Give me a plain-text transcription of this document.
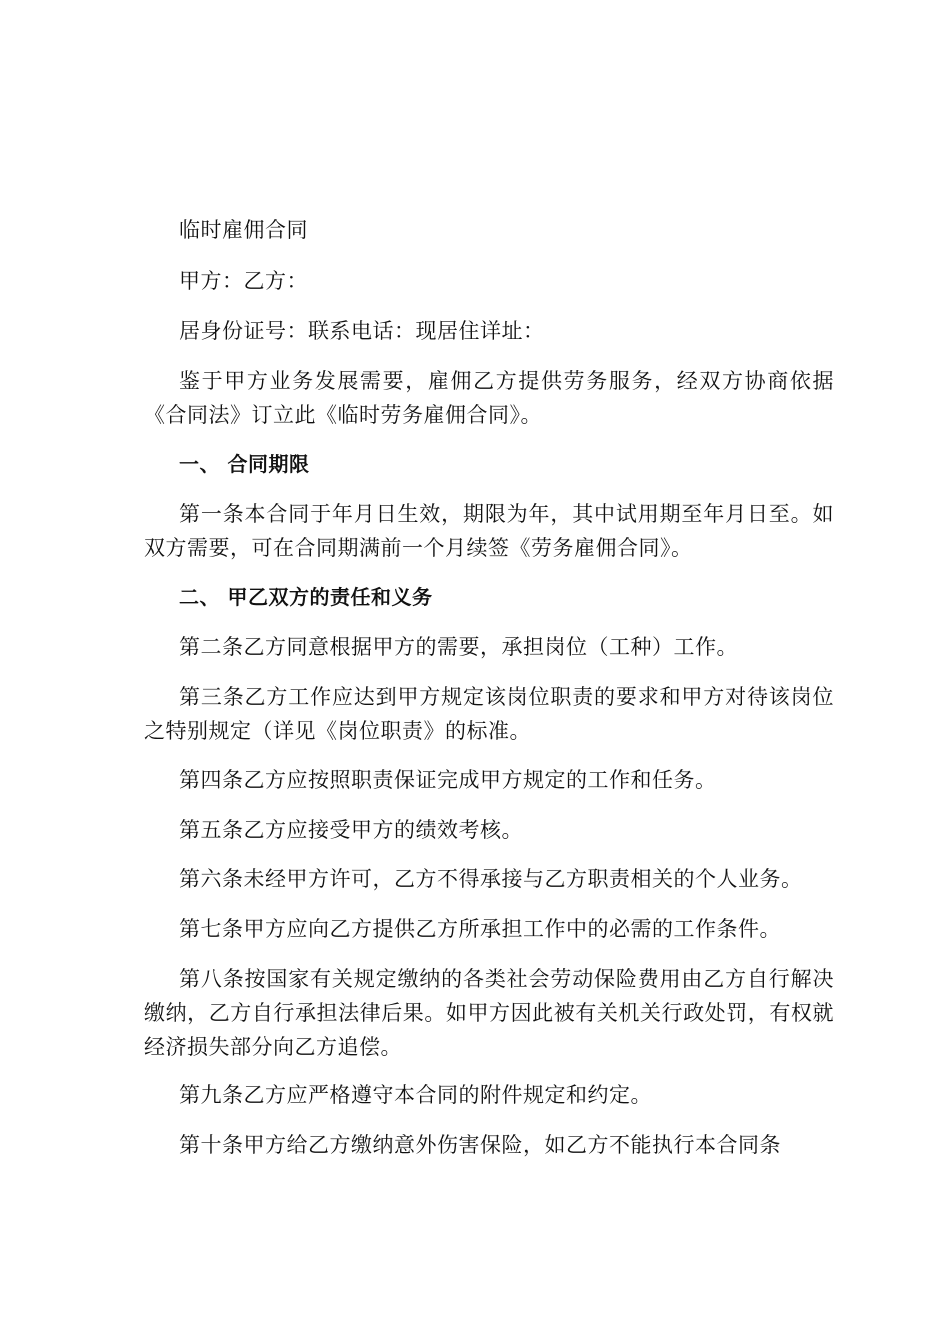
临时雇佣合同

甲方：乙方：

居身份证号：联系电话：现居住详址：

鉴于甲方业务发展需要，雇佣乙方提供劳务服务，经双方协商依据《合同法》订立此《临时劳务雇佣合同》。

一、 合同期限

第一条本合同于年月日生效，期限为年，其中试用期至年月日至。如双方需要，可在合同期满前一个月续签《劳务雇佣合同》。

二、 甲乙双方的责任和义务

第二条乙方同意根据甲方的需要，承担岗位（工种）工作。

第三条乙方工作应达到甲方规定该岗位职责的要求和甲方对待该岗位之特别规定（详见《岗位职责》的标准。

第四条乙方应按照职责保证完成甲方规定的工作和任务。

第五条乙方应接受甲方的绩效考核。

第六条未经甲方许可，乙方不得承接与乙方职责相关的个人业务。

第七条甲方应向乙方提供乙方所承担工作中的必需的工作条件。

第八条按国家有关规定缴纳的各类社会劳动保险费用由乙方自行解决缴纳，乙方自行承担法律后果。如甲方因此被有关机关行政处罚，有权就经济损失部分向乙方追偿。

第九条乙方应严格遵守本合同的附件规定和约定。

第十条甲方给乙方缴纳意外伤害保险，如乙方不能执行本合同条
